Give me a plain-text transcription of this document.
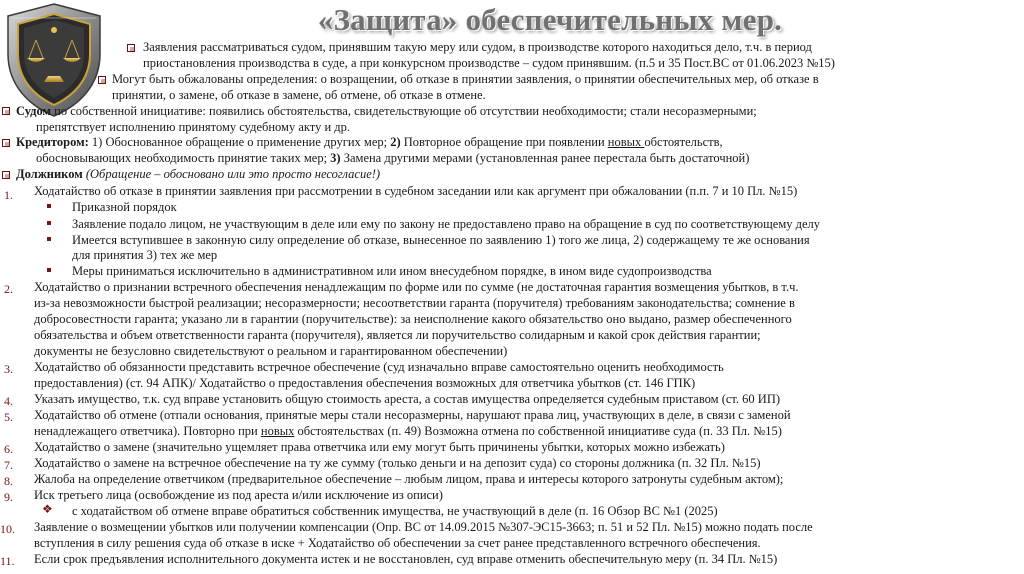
«Защита» обеспечительных мер.
❖
1.
2.
3.
4.
5.
6.
7.
8.
9.
10.
11.
Заявления рассматриваться судом, принявшим такую меру или судом, в производстве которого находиться дело, т.ч. в период
приостановления производства в суде, а при конкурсном производстве – судом принявшим. (п.5 и 35 Пост.ВС от 01.06.2023 №15)
Могут быть обжалованы определения: о возращении, об отказе в принятии заявления, о принятии обеспечительных мер, об отказе в
принятии, о замене, об отказе в замене, об отмене, об отказе в отмене.
Судом по собственной инициативе: появились обстоятельства, свидетельствующие об отсутствии необходимости; стали несоразмерными;
препятствует исполнению принятому судебному акту и др.
Кредитором: 1) Обоснованное обращение о применение других мер; 2) Повторное обращение при появлении новых обстоятельств,
обосновывающих необходимость принятие таких мер; 3) Замена другими мерами (установленная ранее перестала быть достаточной)
Должником (Обращение – обосновано или это просто несогласие!)
Ходатайство об отказе в принятии заявления при рассмотрении в судебном заседании или как аргумент при обжаловании (п.п. 7 и 10 Пл. №15)
Приказной порядок
Заявление подало лицом, не участвующим в деле или ему по закону не предоставлено право на обращение в суд по соответствующему делу
Имеется вступившее в законную силу определение об отказе, вынесенное по заявлению 1) того же лица, 2) содержащему те же основания
для принятия 3) тех же мер
Меры приниматься исключительно в административном или ином внесудебном порядке, в ином виде судопроизводства
Ходатайство о признании встречного обеспечения ненадлежащим по форме или по сумме (не достаточная гарантия возмещения убытков, в т.ч.
из-за невозможности быстрой реализации; несоразмерности; несоответствии гаранта (поручителя) требованиям законодательства; сомнение в
добросовестности гаранта; указано ли в гарантии (поручительстве): за неисполнение какого обязательство оно выдано, размер обеспеченного
обязательства и объем ответственности гаранта (поручителя), является ли поручительство солидарным и какой срок действия гарантии;
документы не безусловно свидетельствуют о реальном и гарантированном обеспечении)
Ходатайство об обязанности представить встречное обеспечение (суд изначально вправе самостоятельно оценить необходимость
предоставления) (ст. 94 АПК)/ Ходатайство о предоставления обеспечения возможных для ответчика убытков (ст. 146 ГПК)
Указать имущество, т.к. суд вправе установить общую стоимость ареста, а состав имущества определяется судебным приставом (ст. 60 ИП)
Ходатайство об отмене (отпали основания, принятые меры стали несоразмерны, нарушают права лиц, участвующих в деле, в связи с заменой
ненадлежащего ответчика). Повторно при новых обстоятельствах (п. 49) Возможна отмена по собственной инициативе суда (п. 33 Пл. №15)
Ходатайство о замене (значительно ущемляет права ответчика или ему могут быть причинены убытки, которых можно избежать)
Ходатайство о замене на встречное обеспечение на ту же сумму (только деньги и на депозит суда) со стороны должника (п. 32 Пл. №15)
Жалоба на определение ответчиком (предварительное обеспечение – любым лицом, права и интересы которого затронуты судебным актом);
Иск третьего лица (освобождение из под ареста и/или исключение из описи)
с ходатайством об отмене вправе обратиться собственник имущества, не участвующий в деле (п. 16 Обзор ВС №1 (2025)
Заявление о возмещении убытков или получении компенсации (Опр. ВС от 14.09.2015 №307-ЭС15-3663; п. 51 и 52 Пл. №15) можно подать после
вступления в силу решения суда об отказе в иске + Ходатайство об обеспечении за счет ранее представленного встречного обеспечения.
Если срок предъявления исполнительного документа истек и не восстановлен, суд вправе отменить обеспечительную меру (п. 34 Пл. №15)
